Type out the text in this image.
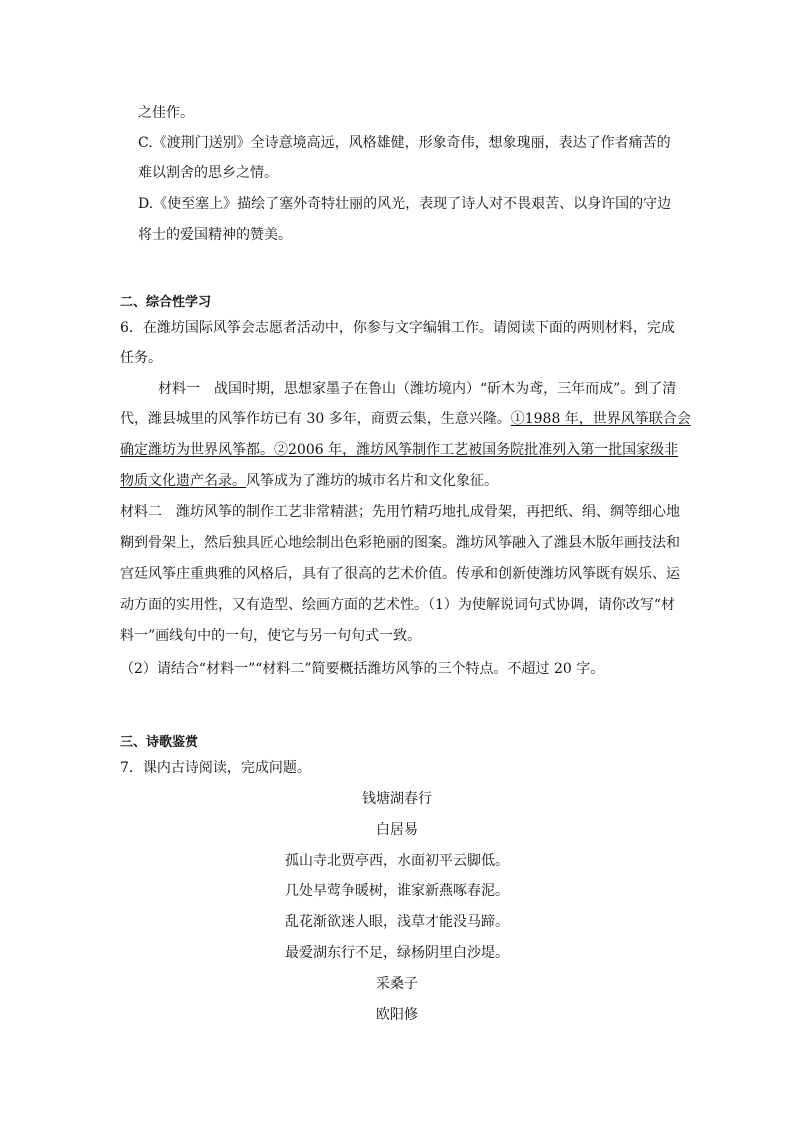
之佳作。
C.《渡荆门送别》全诗意境高远，风格雄健，形象奇伟，想象瑰丽，表达了作者痛苦的
难以割舍的思乡之情。
D.《使至塞上》描绘了塞外奇特壮丽的风光，表现了诗人对不畏艰苦、以身许国的守边
将士的爱国精神的赞美。
二、综合性学习
6．在潍坊国际风筝会志愿者活动中，你参与文字编辑工作。请阅读下面的两则材料，完成
任务。
材料一　战国时期，思想家墨子在鲁山（潍坊境内）“斫木为鸢，三年而成”。到了清
代，潍县城里的风筝作坊已有 30 多年，商贾云集，生意兴隆。①1988 年，世界风筝联合会
确定潍坊为世界风筝都。②2006 年，潍坊风筝制作工艺被国务院批准列入第一批国家级非
物质文化遗产名录。风筝成为了潍坊的城市名片和文化象征。
材料二　潍坊风筝的制作工艺非常精湛；先用竹精巧地扎成骨架，再把纸、绢、绸等细心地
糊到骨架上，然后独具匠心地绘制出色彩艳丽的图案。潍坊风筝融入了潍县木版年画技法和
宫廷风筝庄重典雅的风格后，具有了很高的艺术价值。传承和创新使潍坊风筝既有娱乐、运
动方面的实用性，又有造型、绘画方面的艺术性。（1）为使解说词句式协调，请你改写“材
料一”画线句中的一句，使它与另一句句式一致。
（2）请结合“材料一”“材料二”简要概括潍坊风筝的三个特点。不超过 20 字。
三、诗歌鉴赏
7．课内古诗阅读，完成问题。
钱塘湖春行
白居易
孤山寺北贾亭西，水面初平云脚低。
几处早莺争暖树，谁家新燕啄春泥。
乱花渐欲迷人眼，浅草才能没马蹄。
最爱湖东行不足，绿杨阴里白沙堤。
采桑子
欧阳修
